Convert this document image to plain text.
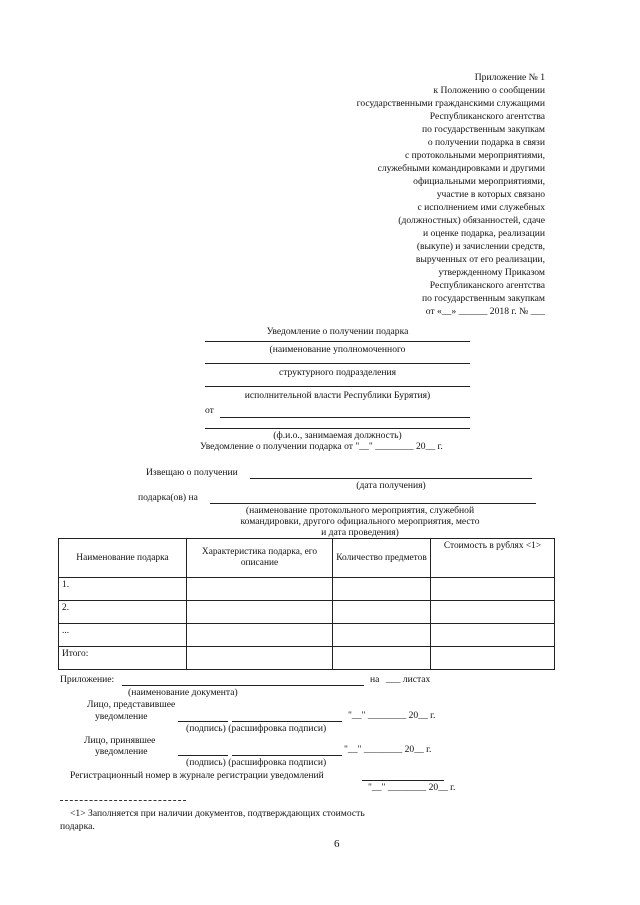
Приложение № 1
к Положению о сообщении
государственными гражданскими служащими
Республиканского агентства
по государственным закупкам
о получении подарка в связи
с протокольными мероприятиями,
служебными командировками и другими
официальными мероприятиями,
участие в которых связано
с исполнением ими служебных
(должностных) обязанностей, сдаче
и оценке подарка, реализации
(выкупе) и зачислении средств,
вырученных от его реализации,
утвержденному Приказом
Республиканского агентства
по государственным закупкам
от «__» ______ 2018 г. № ___
Уведомление о получении подарка
(наименование уполномоченного
структурного подразделения
исполнительной власти Республики Бурятия)
от
(ф.и.о., занимаемая должность)
Уведомление о получении подарка от "__" ________ 20__ г.
Извещаю о получении
(дата получения)
подарка(ов) на
(наименование протокольного мероприятия, служебной
командировки, другого официального мероприятия, место
и дата проведения)
Наименование подарка	Характеристика подарка, его описание	Количество предметов	Стоимость в рублях <1>
1.			
2.			
...			
Итого:			
Приложение:	на ___ листах
(наименование документа)
Лицо, представившее
уведомление	"__" ________ 20__ г.
(подпись) (расшифровка подписи)
Лицо, принявшее
уведомление	"__" ________ 20__ г.
(подпись) (расшифровка подписи)
Регистрационный номер в журнале регистрации уведомлений
"__" ________ 20__ г.
<1> Заполняется при наличии документов, подтверждающих стоимость
подарка.
6
